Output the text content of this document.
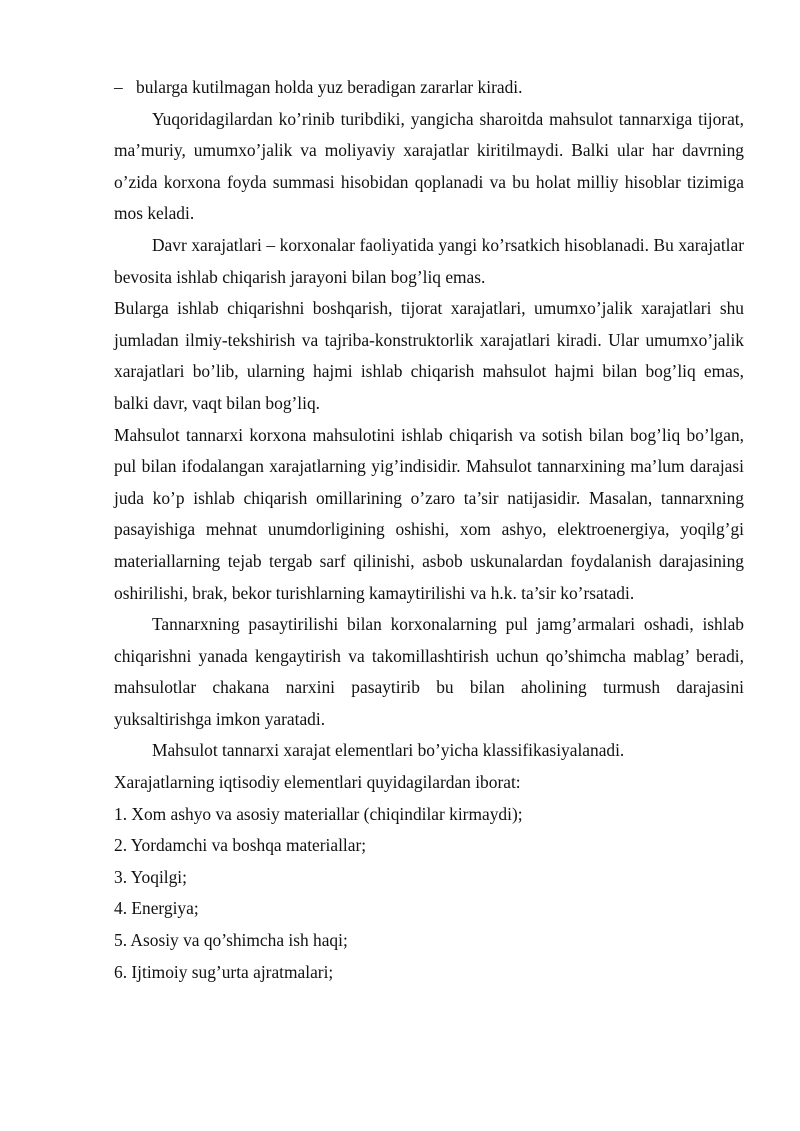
– bularga kutilmagan holda yuz beradigan zararlar kiradi.

Yuqoridagilardan ko’rinib turibdiki, yangicha sharoitda mahsulot tannarxiga tijorat, ma’muriy, umumxo’jalik va moliyaviy xarajatlar kiritilmaydi. Balki ular har davrning o’zida korxona foyda summasi hisobidan qoplanadi va bu holat milliy hisoblar tizimiga mos keladi.

Davr xarajatlari – korxonalar faoliyatida yangi ko’rsatkich hisoblanadi. Bu xarajatlar bevosita ishlab chiqarish jarayoni bilan bog’liq emas.

Bularga ishlab chiqarishni boshqarish, tijorat xarajatlari, umumxo’jalik xarajatlari shu jumladan ilmiy-tekshirish va tajriba-konstruktorlik xarajatlari kiradi. Ular umumxo’jalik xarajatlari bo’lib, ularning hajmi ishlab chiqarish mahsulot hajmi bilan bog’liq emas, balki davr, vaqt bilan bog’liq.

Mahsulot tannarxi korxona mahsulotini ishlab chiqarish va sotish bilan bog’liq bo’lgan, pul bilan ifodalangan xarajatlarning yig’indisidir. Mahsulot tannarxining ma’lum darajasi juda ko’p ishlab chiqarish omillarining o’zaro ta’sir natijasidir. Masalan, tannarxning pasayishiga mehnat unumdorligining oshishi, xom ashyo, elektroenergiya, yoqilg’gi materiallarning tejab tergab sarf qilinishi, asbob uskunalardan foydalanish darajasining oshirilishi, brak, bekor turishlarning kamaytirilishi va h.k. ta’sir ko’rsatadi.

Tannarxning pasaytirilishi bilan korxonalarning pul jamg’armalari oshadi, ishlab chiqarishni yanada kengaytirish va takomillashtirish uchun qo’shimcha mablag’ beradi, mahsulotlar chakana narxini pasaytirib bu bilan aholining turmush darajasini yuksaltirishga imkon yaratadi.

Mahsulot tannarxi xarajat elementlari bo’yicha klassifikasiyalanadi.

Xarajatlarning iqtisodiy elementlari quyidagilardan iborat:

1. Xom ashyo va asosiy materiallar (chiqindilar kirmaydi);

2. Yordamchi va boshqa materiallar;

3. Yoqilgi;

4. Energiya;

5. Asosiy va qo’shimcha ish haqi;

6. Ijtimoiy sug’urta ajratmalari;
